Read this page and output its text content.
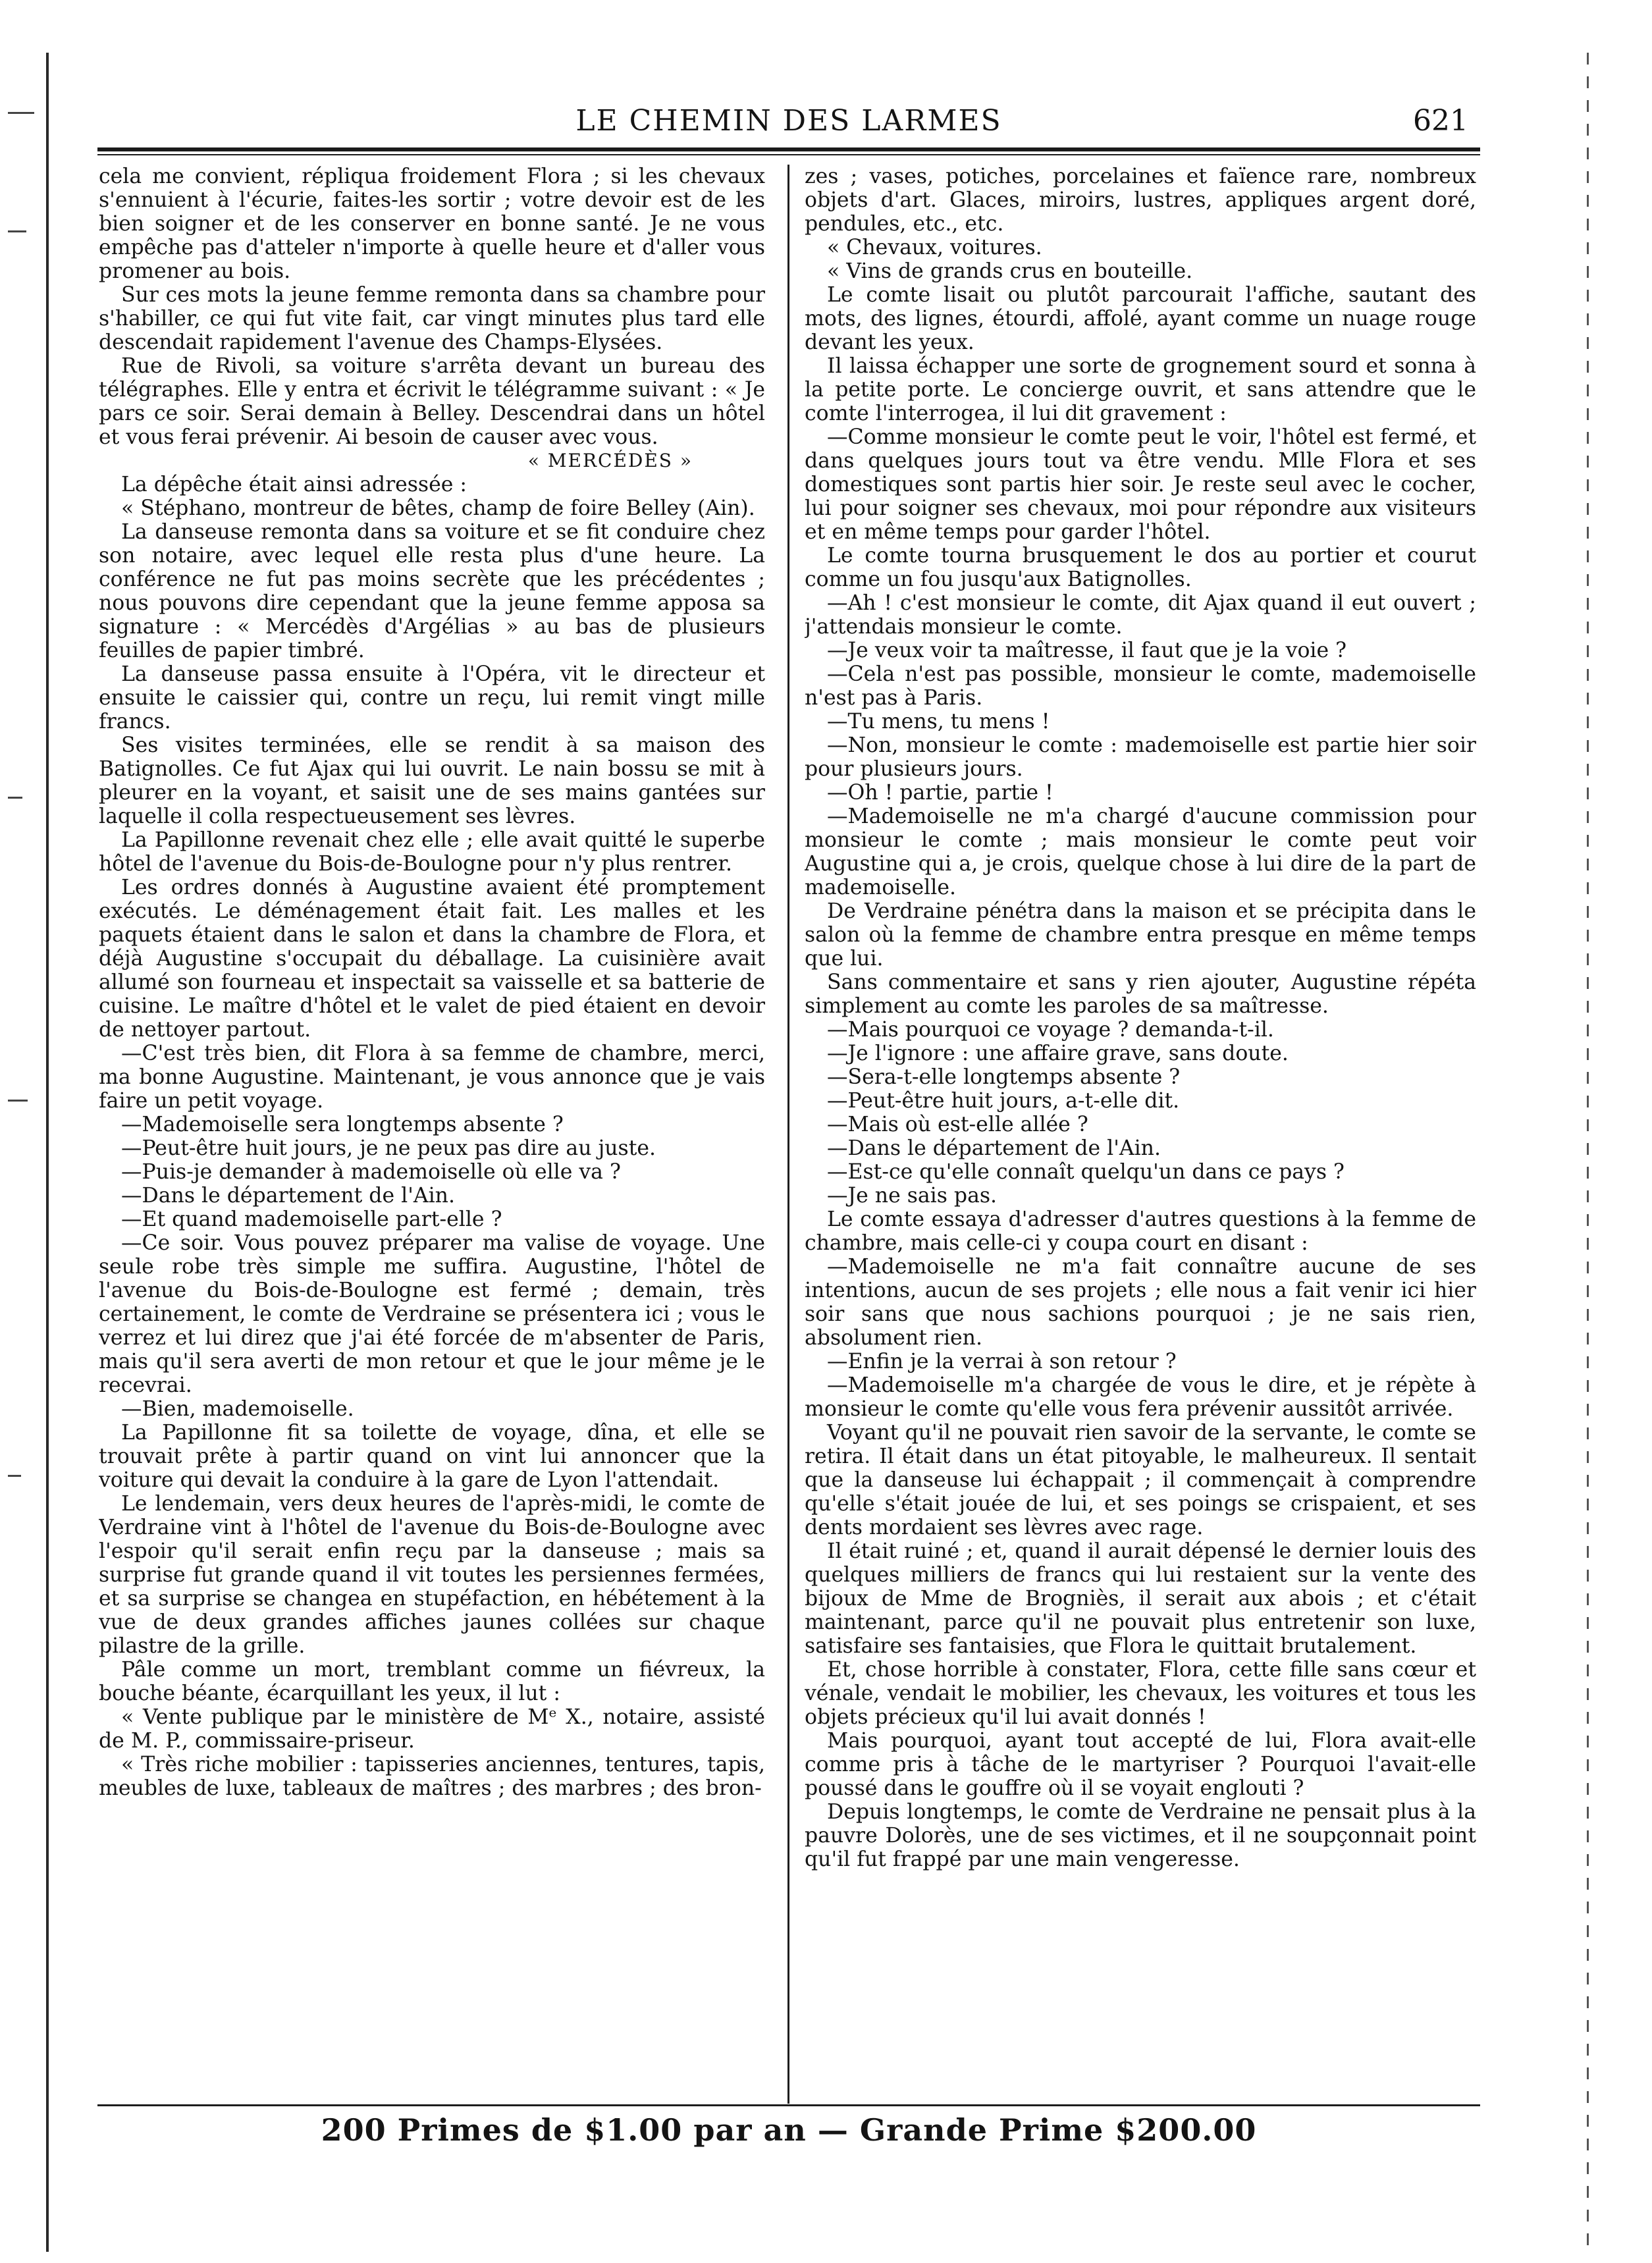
LE CHEMIN DES LARMES	621

cela me convient, répliqua froidement Flora ; si les chevaux s'ennuient à l'écurie, faites-les sortir ; votre devoir est de les bien soigner et de les conserver en bonne santé. Je ne vous empêche pas d'atteler n'importe à quelle heure et d'aller vous promener au bois.

Sur ces mots la jeune femme remonta dans sa chambre pour s'habiller, ce qui fut vite fait, car vingt minutes plus tard elle descendait rapidement l'avenue des Champs-Elysées.

Rue de Rivoli, sa voiture s'arrêta devant un bureau des télégraphes. Elle y entra et écrivit le télégramme suivant : « Je pars ce soir. Serai demain à Belley. Descendrai dans un hôtel et vous ferai prévenir. Ai besoin de causer avec vous.

« MERCÉDÈS »

La dépêche était ainsi adressée :

« Stéphano, montreur de bêtes, champ de foire Belley (Ain).

La danseuse remonta dans sa voiture et se fit conduire chez son notaire, avec lequel elle resta plus d'une heure. La conférence ne fut pas moins secrète que les précédentes ; nous pouvons dire cependant que la jeune femme apposa sa signature : « Mercédès d'Argélias » au bas de plusieurs feuilles de papier timbré.

La danseuse passa ensuite à l'Opéra, vit le directeur et ensuite le caissier qui, contre un reçu, lui remit vingt mille francs.

Ses visites terminées, elle se rendit à sa maison des Batignolles. Ce fut Ajax qui lui ouvrit. Le nain bossu se mit à pleurer en la voyant, et saisit une de ses mains gantées sur laquelle il colla respectueusement ses lèvres.

La Papillonne revenait chez elle ; elle avait quitté le superbe hôtel de l'avenue du Bois-de-Boulogne pour n'y plus rentrer.

Les ordres donnés à Augustine avaient été promptement exécutés. Le déménagement était fait. Les malles et les paquets étaient dans le salon et dans la chambre de Flora, et déjà Augustine s'occupait du déballage. La cuisinière avait allumé son fourneau et inspectait sa vaisselle et sa batterie de cuisine. Le maître d'hôtel et le valet de pied étaient en devoir de nettoyer partout.

—C'est très bien, dit Flora à sa femme de chambre, merci, ma bonne Augustine. Maintenant, je vous annonce que je vais faire un petit voyage.

—Mademoiselle sera longtemps absente ?

—Peut-être huit jours, je ne peux pas dire au juste.

—Puis-je demander à mademoiselle où elle va ?

—Dans le département de l'Ain.

—Et quand mademoiselle part-elle ?

—Ce soir. Vous pouvez préparer ma valise de voyage. Une seule robe très simple me suffira. Augustine, l'hôtel de l'avenue du Bois-de-Boulogne est fermé ; demain, très certainement, le comte de Verdraine se présentera ici ; vous le verrez et lui direz que j'ai été forcée de m'absenter de Paris, mais qu'il sera averti de mon retour et que le jour même je le recevrai.

—Bien, mademoiselle.

La Papillonne fit sa toilette de voyage, dîna, et elle se trouvait prête à partir quand on vint lui annoncer que la voiture qui devait la conduire à la gare de Lyon l'attendait.

Le lendemain, vers deux heures de l'après-midi, le comte de Verdraine vint à l'hôtel de l'avenue du Bois-de-Boulogne avec l'espoir qu'il serait enfin reçu par la danseuse ; mais sa surprise fut grande quand il vit toutes les persiennes fermées, et sa surprise se changea en stupéfaction, en hébétement à la vue de deux grandes affiches jaunes collées sur chaque pilastre de la grille.

Pâle comme un mort, tremblant comme un fiévreux, la bouche béante, écarquillant les yeux, il lut :

« Vente publique par le ministère de Mᵉ X., notaire, assisté de M. P., commissaire-priseur.

« Très riche mobilier : tapisseries anciennes, tentures, tapis, meubles de luxe, tableaux de maîtres ; des marbres ; des bron-

zes ; vases, potiches, porcelaines et faïence rare, nombreux objets d'art. Glaces, miroirs, lustres, appliques argent doré, pendules, etc., etc.

« Chevaux, voitures.

« Vins de grands crus en bouteille.

Le comte lisait ou plutôt parcourait l'affiche, sautant des mots, des lignes, étourdi, affolé, ayant comme un nuage rouge devant les yeux.

Il laissa échapper une sorte de grognement sourd et sonna à la petite porte. Le concierge ouvrit, et sans attendre que le comte l'interrogea, il lui dit gravement :

—Comme monsieur le comte peut le voir, l'hôtel est fermé, et dans quelques jours tout va être vendu. Mlle Flora et ses domestiques sont partis hier soir. Je reste seul avec le cocher, lui pour soigner ses chevaux, moi pour répondre aux visiteurs et en même temps pour garder l'hôtel.

Le comte tourna brusquement le dos au portier et courut comme un fou jusqu'aux Batignolles.

—Ah ! c'est monsieur le comte, dit Ajax quand il eut ouvert ; j'attendais monsieur le comte.

—Je veux voir ta maîtresse, il faut que je la voie ?

—Cela n'est pas possible, monsieur le comte, mademoiselle n'est pas à Paris.

—Tu mens, tu mens !

—Non, monsieur le comte : mademoiselle est partie hier soir pour plusieurs jours.

—Oh ! partie, partie !

—Mademoiselle ne m'a chargé d'aucune commission pour monsieur le comte ; mais monsieur le comte peut voir Augustine qui a, je crois, quelque chose à lui dire de la part de mademoiselle.

De Verdraine pénétra dans la maison et se précipita dans le salon où la femme de chambre entra presque en même temps que lui.

Sans commentaire et sans y rien ajouter, Augustine répéta simplement au comte les paroles de sa maîtresse.

—Mais pourquoi ce voyage ? demanda-t-il.

—Je l'ignore : une affaire grave, sans doute.

—Sera-t-elle longtemps absente ?

—Peut-être huit jours, a-t-elle dit.

—Mais où est-elle allée ?

—Dans le département de l'Ain.

—Est-ce qu'elle connaît quelqu'un dans ce pays ?

—Je ne sais pas.

Le comte essaya d'adresser d'autres questions à la femme de chambre, mais celle-ci y coupa court en disant :

—Mademoiselle ne m'a fait connaître aucune de ses intentions, aucun de ses projets ; elle nous a fait venir ici hier soir sans que nous sachions pourquoi ; je ne sais rien, absolument rien.

—Enfin je la verrai à son retour ?

—Mademoiselle m'a chargée de vous le dire, et je répète à monsieur le comte qu'elle vous fera prévenir aussitôt arrivée.

Voyant qu'il ne pouvait rien savoir de la servante, le comte se retira. Il était dans un état pitoyable, le malheureux. Il sentait que la danseuse lui échappait ; il commençait à comprendre qu'elle s'était jouée de lui, et ses poings se crispaient, et ses dents mordaient ses lèvres avec rage.

Il était ruiné ; et, quand il aurait dépensé le dernier louis des quelques milliers de francs qui lui restaient sur la vente des bijoux de Mme de Brogniès, il serait aux abois ; et c'était maintenant, parce qu'il ne pouvait plus entretenir son luxe, satisfaire ses fantaisies, que Flora le quittait brutalement.

Et, chose horrible à constater, Flora, cette fille sans cœur et vénale, vendait le mobilier, les chevaux, les voitures et tous les objets précieux qu'il lui avait donnés !

Mais pourquoi, ayant tout accepté de lui, Flora avait-elle comme pris à tâche de le martyriser ? Pourquoi l'avait-elle poussé dans le gouffre où il se voyait englouti ?

Depuis longtemps, le comte de Verdraine ne pensait plus à la pauvre Dolorès, une de ses victimes, et il ne soupçonnait point qu'il fut frappé par une main vengeresse.

200 Primes de $1.00 par an — Grande Prime $200.00
